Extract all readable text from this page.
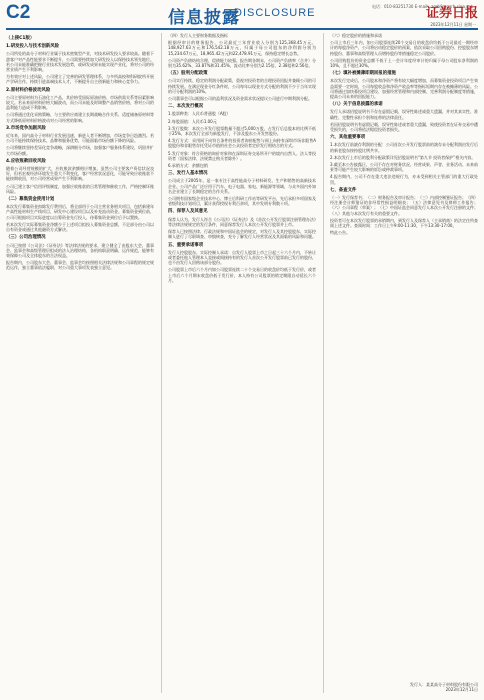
C2	信息披露
DISCLOSURE
电话：010-83251730 E-mail：zqrb9@zqrb.sina.net
证券日报
2023年12月11日 星期一

（上接C1版）

1.研发投入与技术创新风险

公司所处的高分子材料行业属于技术密集型产业，对技术研发投入要求较高。随着下游客户对产品性能要求不断提升，公司需要持续加大研发投入以保持技术领先地位。若公司未能准确把握行业技术发展趋势，或研发成果未能实现产业化，将对公司的经营业绩产生不利影响。

为有效应对上述风险，公司建立了完善的研发管理体系，与多所高校和科研院所开展产学研合作，持续引进高端技术人才，不断提升自主创新能力和核心竞争力。

2.原材料价格波动风险

公司主要原材料为石油化工产品，其价格受国际原油价格、市场供需关系等因素影响较大。若未来原材料价格大幅波动，而公司未能及时调整产品销售价格，将对公司的盈利能力造成不利影响。

公司将通过优化采购策略、与主要供应商建立长期战略合作关系、适度储备原材料等方式降低原材料价格波动对公司经营的影响。

3.市场竞争加剧风险

近年来，国内高分子材料行业发展迅速，新进入者不断增加，市场竞争日趋激烈。若公司不能持续保持技术、品牌和服务优势，可能面临市场份额下降的风险。

公司将继续坚持差异化竞争战略，深耕细分市场，加强客户服务体系建设，巩固并扩大市场份额。

4.应收账款回收风险

随着公司经营规模的扩大，应收账款余额相应增加。虽然公司主要客户资信状况良好，但若宏观经济环境发生重大不利变化，客户经营状况恶化，可能导致应收账款不能按期收回，对公司经营成果产生不利影响。

公司已建立客户信用评级制度，加强应收账款的日常管理和催收工作，严格控制坏账风险。

（二）募集资金使用计划

本次发行募集资金扣除发行费用后，将全部用于公司主营业务相关项目，包括新建年产高性能材料生产线项目、研发中心建设项目以及补充流动资金。募集资金到位前，公司可根据项目实际进度以自筹资金先行投入，待募集资金到位后予以置换。

若本次发行实际募集资金净额少于上述项目拟投入募集资金总额，不足部分由公司以自有资金或通过其他融资方式解决。

（三）公司治理情况

公司已按照《公司法》《证券法》等法律法规的要求，建立健全了由股东大会、董事会、监事会和高级管理层组成的法人治理结构，各机构职责明确、运作规范，能够有效保障公司及全体股东的合法权益。

报告期内，公司股东大会、董事会、监事会均按照相关法律法规和公司章程的规定规范运作，独立董事依法履职，对公司重大事项发表独立意见。

（四）发行人主要财务数据及指标

根据经审计的财务报告，公司最近三年营业收入分别为125,368.45万元、148,927.63万元和176,542.18万元，归属于母公司股东的净利润分别为15,234.67万元、18,965.42万元和22,478.91万元，保持稳定增长态势。

公司资产负债结构合理，偿债能力较强。报告期各期末，公司资产负债率（合并）分别为35.62%、33.87%和31.45%，流动比率分别为2.15倍、2.38倍和2.56倍。

（五）股利分配政策

公司实行持续、稳定的利润分配政策，重视对投资者的合理投资回报并兼顾公司的可持续发展。在满足现金分红条件时，公司每年以现金方式分配的利润不少于当年实现的可分配利润的10%。

公司董事会可以根据公司的盈利状况及资金需求状况提议公司进行中期利润分配。

二、本次发行概况

1.股票种类：人民币普通股（A股）

2.每股面值：人民币1.00元

3.发行股数：本次公开发行股票数量不超过5,000万股，占发行后总股本的比例不低于25%，本次发行全部为新股发行，不涉及股东公开发售股份。

4.发行方式：采用网下向符合条件的投资者询价配售与网上向持有深圳市场非限售A股股份和非限售存托凭证市值的社会公众投资者定价发行相结合的方式。

5.发行对象：符合资格的询价对象和在深圳证券交易所开户的境内自然人、法人等投资者（国家法律、法规禁止购买者除外）。

6.承销方式：余额包销

三、发行人基本情况

公司成立于2005年，是一家专注于高性能高分子材料研发、生产和销售的高新技术企业。公司产品广泛应用于汽车、电子电器、家电、新能源等领域，与众多国内外知名企业建立了长期稳定的合作关系。

公司拥有国家级企业技术中心、博士后科研工作站等研发平台，先后承担多项国家及省级科技计划项目，累计获得授权专利百余项，其中发明专利数十项。

四、保荐人及其意见

保荐人认为，发行人符合《公司法》《证券法》及《首次公开发行股票注册管理办法》等法律法规规定的发行条件，同意保荐发行人本次公开发行股票并上市。

保荐人已按照法律、行政法规和中国证监会的规定，对发行人及其控股股东、实际控制人进行了尽职调查、审慎核查，充分了解发行人经营状况及其面临的风险和问题。

五、重要承诺事项

发行人控股股东、实际控制人承诺：自发行人股票上市之日起三十六个月内，不转让或者委托他人管理本人直接或间接持有的发行人首次公开发行股票前已发行的股份，也不由发行人回购该部分股份。

公司股票上市后六个月内如公司股票连续二十个交易日的收盘价均低于发行价，或者上市后六个月期末收盘价低于发行价，本人持有公司股票的锁定期限自动延长六个月。

（六）稳定股价的措施和承诺

公司上市后三年内，如公司股票连续20个交易日的收盘价均低于公司最近一期经审计的每股净资产，公司将启动稳定股价的预案，依次采取公司回购股份、控股股东增持股份、董事和高级管理人员增持股份等措施稳定公司股价。

公司回购股份的资金总额不低于上一会计年度经审计的归属于母公司股东净利润的10%，且不超过30%。

（七）填补被摊薄即期回报的措施

本次发行完成后，公司股本和净资产将有较大幅度增加，而募集资金投资项目产生效益需要一定时间，公司每股收益和净资产收益率等指标短期内存在被摊薄的风险。公司将通过加快募投项目建设、加强经营管理和内部控制、完善利润分配制度等措施，提高公司未来的回报能力。

（八）关于信息披露的承诺

发行人承诺招股说明书不存在虚假记载、误导性陈述或重大遗漏，并对其真实性、准确性、完整性承担个别和连带的法律责任。

若因招股说明书有虚假记载、误导性陈述或者重大遗漏，致使投资者在证券交易中遭受损失的，公司将依法赔偿投资者损失。

六、其他重要事项

1.本次发行前滚存利润的分配：公司首次公开发行股票前的滚存未分配利润由发行后的新老股东按持股比例共享。

2.本次发行上市后的股利分配政策详见招股说明书“第九节 投资者保护”相关内容。

3.截至本公告披露日，公司不存在对财务状况、经营成果、声誉、业务活动、未来前景等可能产生较大影响的诉讼或仲裁事项。

4.报告期内，公司不存在重大违法违规行为，亦未受到相关主管部门的重大行政处罚。

七、备查文件

（一）发行保荐书；（二）财务报告及审计报告；（三）内部控制鉴证报告；（四）经注册会计师鉴证的非经常性损益明细表；（五）法律意见书及律师工作报告；（六）公司章程（草案）；（七）中国证监会同意发行人本次公开发行注册的文件；（八）其他与本次发行有关的重要文件。

投资者可在本次发行股票的承销期内，到发行人及保荐人（主承销商）的法定住所查阅上述文件。查阅时间：工作日上午9:00-11:30，下午13:30-17:00。

特此公告。

发行人：某某高分子材料股份有限公司
2023年12月11日
